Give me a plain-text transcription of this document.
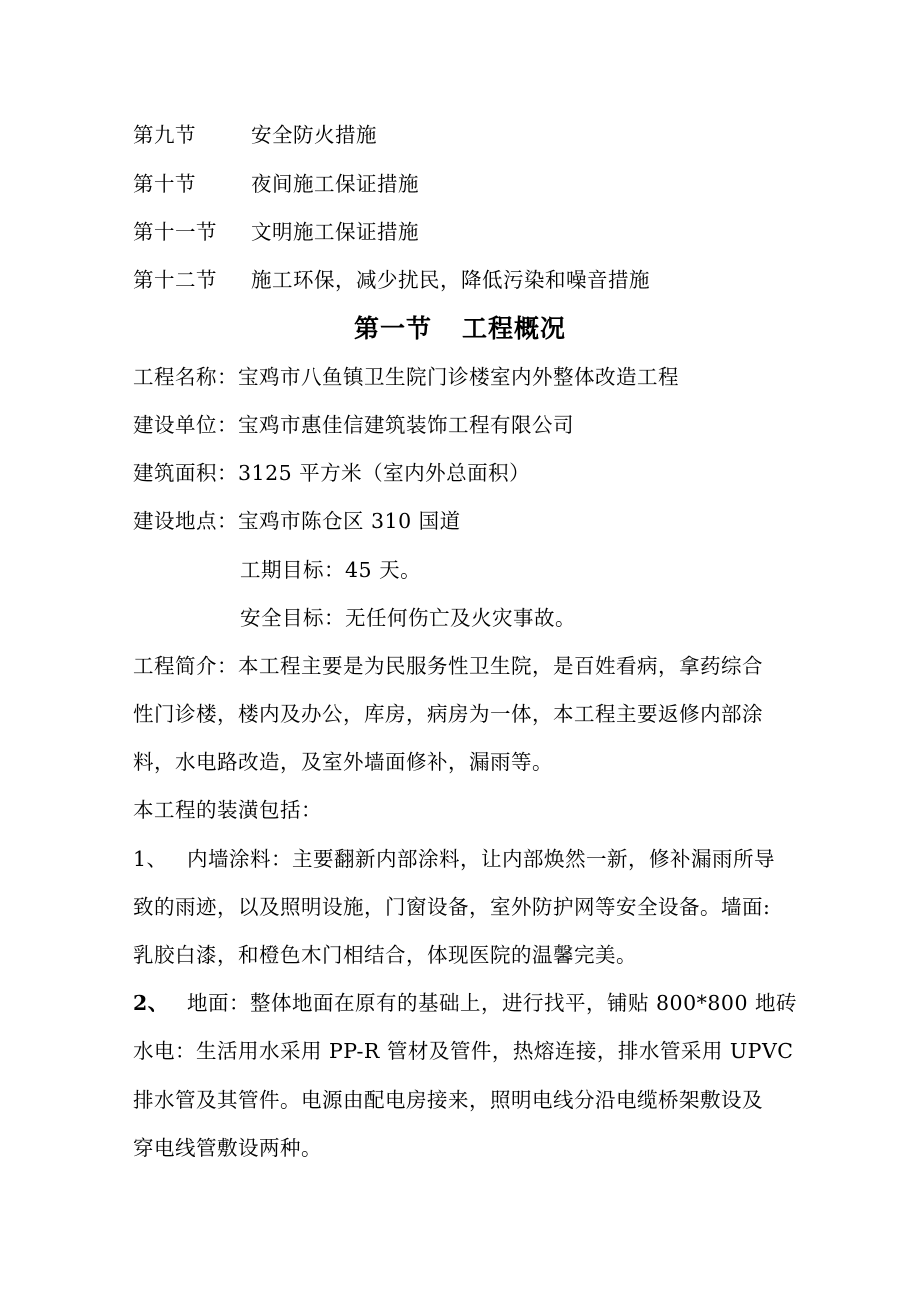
第九节	安全防火措施
第十节	夜间施工保证措施
第十一节 文明施工保证措施
第十二节 施工环保，减少扰民，降低污染和噪音措施
第一节 工程概况
工程名称：宝鸡市八鱼镇卫生院门诊楼室内外整体改造工程
建设单位：宝鸡市惠佳信建筑装饰工程有限公司
建筑面积：3125 平方米（室内外总面积）
建设地点：宝鸡市陈仓区 310 国道
工期目标：45 天。
安全目标：无任何伤亡及火灾事故。
工程简介：本工程主要是为民服务性卫生院，是百姓看病，拿药综合
性门诊楼，楼内及办公，库房，病房为一体，本工程主要返修内部涂
料，水电路改造，及室外墙面修补，漏雨等。
本工程的装潢包括：
1、 内墙涂料：主要翻新内部涂料，让内部焕然一新，修补漏雨所导
致的雨迹，以及照明设施，门窗设备，室外防护网等安全设备。墙面:
乳胶白漆，和橙色木门相结合，体现医院的温馨完美。
2、 地面：整体地面在原有的基础上，进行找平，铺贴 800*800 地砖
水电：生活用水采用 PP-R 管材及管件，热熔连接，排水管采用 UPVC
排水管及其管件。电源由配电房接来，照明电线分沿电缆桥架敷设及
穿电线管敷设两种。
